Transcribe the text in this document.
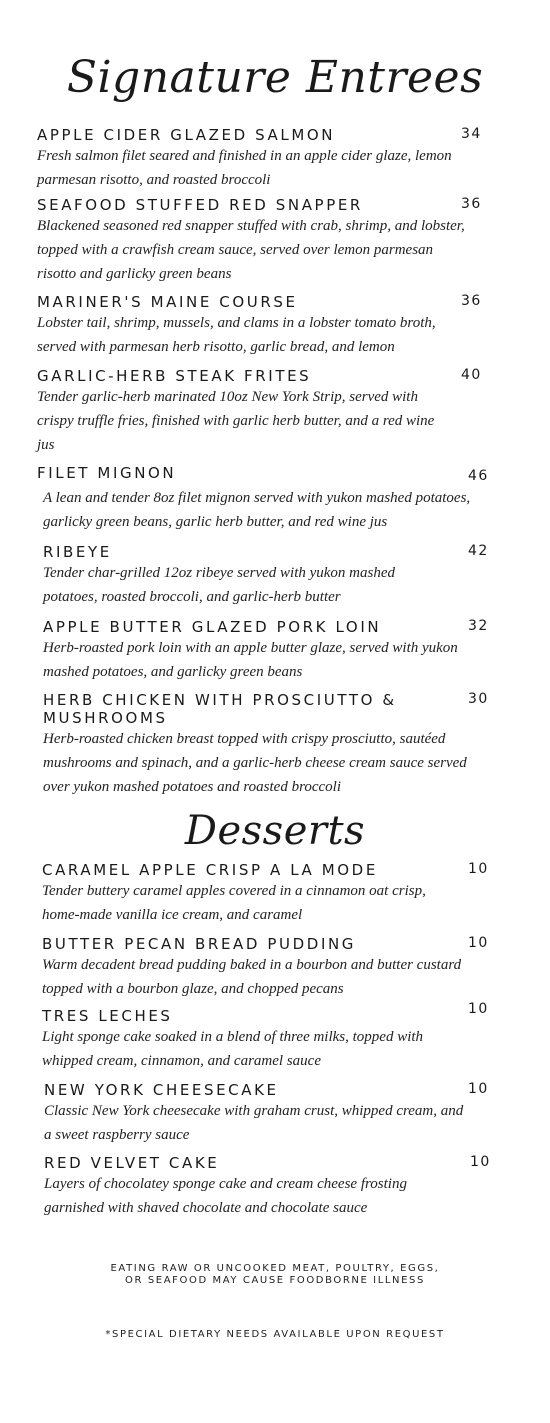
Signature Entrees
APPLE CIDER GLAZED SALMON	34
Fresh salmon filet seared and finished in an apple cider glaze, lemon parmesan risotto, and roasted broccoli
SEAFOOD STUFFED RED SNAPPER	36
Blackened seasoned red snapper stuffed with crab, shrimp, and lobster, topped with a crawfish cream sauce, served over lemon parmesan risotto and garlicky green beans
MARINER'S MAINE COURSE	36
Lobster tail, shrimp, mussels, and clams in a lobster tomato broth, served with parmesan herb risotto, garlic bread, and lemon
GARLIC-HERB STEAK FRITES	40
Tender garlic-herb marinated 10oz New York Strip, served with crispy truffle fries, finished with garlic herb butter, and a red wine jus
FILET MIGNON	46
A lean and tender 8oz filet mignon served with yukon mashed potatoes, garlicky green beans, garlic herb butter, and red wine jus
RIBEYE	42
Tender char-grilled 12oz ribeye served with yukon mashed potatoes, roasted broccoli, and garlic-herb butter
APPLE BUTTER GLAZED PORK LOIN	32
Herb-roasted pork loin with an apple butter glaze, served with yukon mashed potatoes, and garlicky green beans
HERB CHICKEN WITH PROSCIUTTO & MUSHROOMS
30
Herb-roasted chicken breast topped with crispy prosciutto, sautéed mushrooms and spinach, and a garlic-herb cheese cream sauce served over yukon mashed potatoes and roasted broccoli
Desserts
CARAMEL APPLE CRISP A LA MODE	10
Tender buttery caramel apples covered in a cinnamon oat crisp, home-made vanilla ice cream, and caramel
BUTTER PECAN BREAD PUDDING	10
Warm decadent bread pudding baked in a bourbon and butter custard topped with a bourbon glaze, and chopped pecans
TRES LECHES	10
Light sponge cake soaked in a blend of three milks, topped with whipped cream, cinnamon, and caramel sauce
NEW YORK CHEESECAKE	10
Classic New York cheesecake with graham crust, whipped cream, and a sweet raspberry sauce
RED VELVET CAKE	10
Layers of chocolatey sponge cake and cream cheese frosting garnished with shaved chocolate and chocolate sauce
EATING RAW OR UNCOOKED MEAT, POULTRY, EGGS,
OR SEAFOOD MAY CAUSE FOODBORNE ILLNESS
*SPECIAL DIETARY NEEDS AVAILABLE UPON REQUEST
